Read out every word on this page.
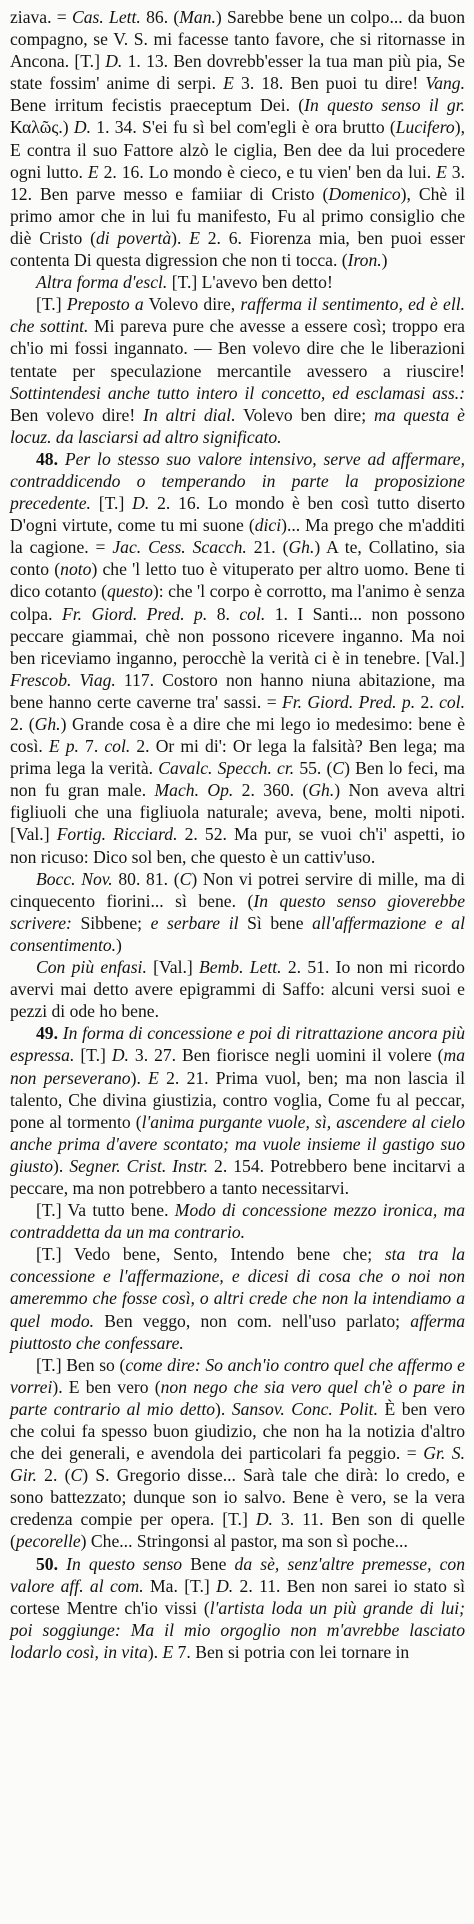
ziava. = Cas. Lett. 86. (Man.) Sarebbe bene un colpo... da buon compagno, se V. S. mi facesse tanto favore, che si ritornasse in Ancona. [T.] D. 1. 13. Ben dovrebb'esser la tua man più pia, Se state fossim' anime di serpi. E 3. 18. Ben puoi tu dire! Vang. Bene irritum fecistis praeceptum Dei. (In questo senso il gr. Καλῶς.) D. 1. 34. S'ei fu sì bel com'egli è ora brutto (Lucifero), E contra il suo Fattore alzò le ciglia, Ben dee da lui procedere ogni lutto. E 2. 16. Lo mondo è cieco, e tu vien' ben da lui. E 3. 12. Ben parve messo e famiiar di Cristo (Domenico), Chè il primo amor che in lui fu manifesto, Fu al primo consiglio che diè Cristo (di povertà). E 2. 6. Fiorenza mia, ben puoi esser contenta Di questa digression che non ti tocca. (Iron.)

Altra forma d'escl. [T.] L'avevo ben detto!

[T.] Preposto a Volevo dire, rafferma il sentimento, ed è ell. che sottint. Mi pareva pure che avesse a essere così; troppo era ch'io mi fossi ingannato. — Ben volevo dire che le liberazioni tentate per speculazione mercantile avessero a riuscire! Sottintendesi anche tutto intero il concetto, ed esclamasi ass.: Ben volevo dire! In altri dial. Volevo ben dire; ma questa è locuz. da lasciarsi ad altro significato.

48. Per lo stesso suo valore intensivo, serve ad affermare, contraddicendo o temperando in parte la proposizione precedente. [T.] D. 2. 16. Lo mondo è ben così tutto diserto D'ogni virtute, come tu mi suone (dici)... Ma prego che m'additi la cagione. = Jac. Cess. Scacch. 21. (Gh.) A te, Collatino, sia conto (noto) che 'l letto tuo è vituperato per altro uomo. Bene ti dico cotanto (questo): che 'l corpo è corrotto, ma l'animo è senza colpa. Fr. Giord. Pred. p. 8. col. 1. I Santi... non possono peccare giammai, chè non possono ricevere inganno. Ma noi ben riceviamo inganno, perocchè la verità ci è in tenebre. [Val.] Frescob. Viag. 117. Costoro non hanno niuna abitazione, ma bene hanno certe caverne tra' sassi. = Fr. Giord. Pred. p. 2. col. 2. (Gh.) Grande cosa è a dire che mi lego io medesimo: bene è così. E p. 7. col. 2. Or mi di': Or lega la falsità? Ben lega; ma prima lega la verità. Cavalc. Specch. cr. 55. (C) Ben lo feci, ma non fu gran male. Mach. Op. 2. 360. (Gh.) Non aveva altri figliuoli che una figliuola naturale; aveva, bene, molti nipoti. [Val.] Fortig. Ricciard. 2. 52. Ma pur, se vuoi ch'i' aspetti, io non ricuso: Dico sol ben, che questo è un cattiv'uso.

Bocc. Nov. 80. 81. (C) Non vi potrei servire di mille, ma di cinquecento fiorini... sì bene. (In questo senso gioverebbe scrivere: Sibbene; e serbare il Sì bene all'affermazione e al consentimento.)

Con più enfasi. [Val.] Bemb. Lett. 2. 51. Io non mi ricordo avervi mai detto avere epigrammi di Saffo: alcuni versi suoi e pezzi di ode ho bene.

49. In forma di concessione e poi di ritrattazione ancora più espressa. [T.] D. 3. 27. Ben fiorisce negli uomini il volere (ma non perseverano). E 2. 21. Prima vuol, ben; ma non lascia il talento, Che divina giustizia, contro voglia, Come fu al peccar, pone al tormento (l'anima purgante vuole, sì, ascendere al cielo anche prima d'avere scontato; ma vuole insieme il gastigo suo giusto). Segner. Crist. Instr. 2. 154. Potrebbero bene incitarvi a peccare, ma non potrebbero a tanto necessitarvi.

[T.] Va tutto bene. Modo di concessione mezzo ironica, ma contraddetta da un ma contrario.

[T.] Vedo bene, Sento, Intendo bene che; sta tra la concessione e l'affermazione, e dicesi di cosa che o noi non ameremmo che fosse così, o altri crede che non la intendiamo a quel modo. Ben veggo, non com. nell'uso parlato; afferma piuttosto che confessare.

[T.] Ben so (come dire: So anch'io contro quel che affermo e vorrei). E ben vero (non nego che sia vero quel ch'è o pare in parte contrario al mio detto). Sansov. Conc. Polit. È ben vero che colui fa spesso buon giudizio, che non ha la notizia d'altro che dei generali, e avendola dei particolari fa peggio. = Gr. S. Gir. 2. (C) S. Gregorio disse... Sarà tale che dirà: lo credo, e sono battezzato; dunque son io salvo. Bene è vero, se la vera credenza compie per opera. [T.] D. 3. 11. Ben son di quelle (pecorelle) Che... Stringonsi al pastor, ma son sì poche...

50. In questo senso Bene da sè, senz'altre premesse, con valore aff. al com. Ma. [T.] D. 2. 11. Ben non sarei io stato sì cortese Mentre ch'io vissi (l'artista loda un più grande di lui; poi soggiunge: Ma il mio orgoglio non m'avrebbe lasciato lodarlo così, in vita). E 7. Ben si potria con lei tornare in
